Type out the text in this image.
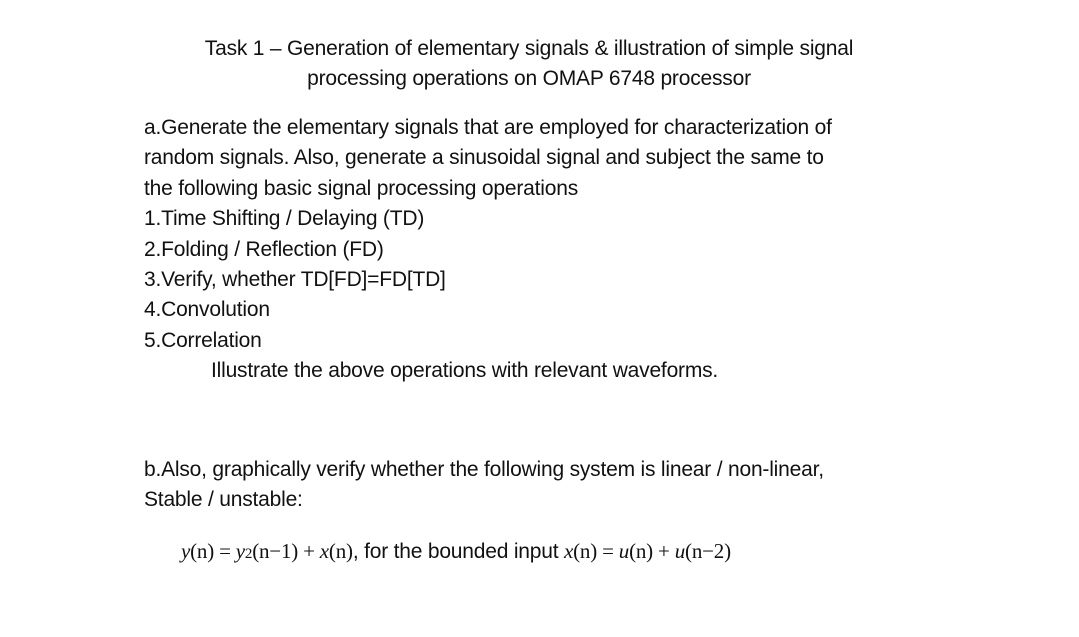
Task 1 – Generation of elementary signals & illustration of simple signal
processing operations on OMAP 6748 processor
a.Generate the elementary signals that are employed for characterization of
random signals. Also, generate a sinusoidal signal and subject the same to
the following basic signal processing operations
1.Time Shifting / Delaying (TD)
2.Folding / Reflection (FD)
3.Verify, whether TD[FD]=FD[TD]
4.Convolution
5.Correlation
Illustrate the above operations with relevant waveforms.
b.Also, graphically verify whether the following system is linear / non-linear,
Stable / unstable:
y(n) = y2(n−1) + x(n), for the bounded input x(n) = u(n) + u(n−2)
